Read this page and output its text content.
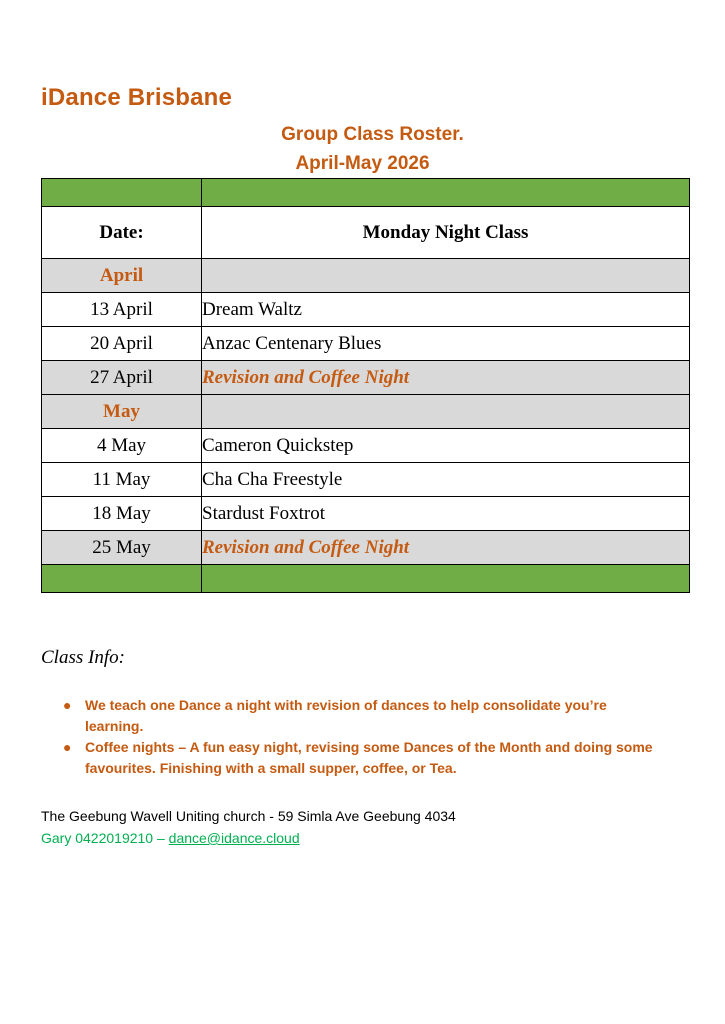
iDance Brisbane
Group Class Roster.
April-May 2026

Date:	Monday Night Class
April	
13 April	Dream Waltz
20 April	Anzac Centenary Blues
27 April	Revision and Coffee Night
May	
4 May	Cameron Quickstep
11 May	Cha Cha Freestyle
18 May	Stardust Foxtrot
25 May	Revision and Coffee Night

Class Info:
● We teach one Dance a night with revision of dances to help consolidate you’re learning.
● Coffee nights – A fun easy night, revising some Dances of the Month and doing some favourites. Finishing with a small supper, coffee, or Tea.
The Geebung Wavell Uniting church - 59 Simla Ave Geebung 4034
Gary 0422019210 – dance@idance.cloud
